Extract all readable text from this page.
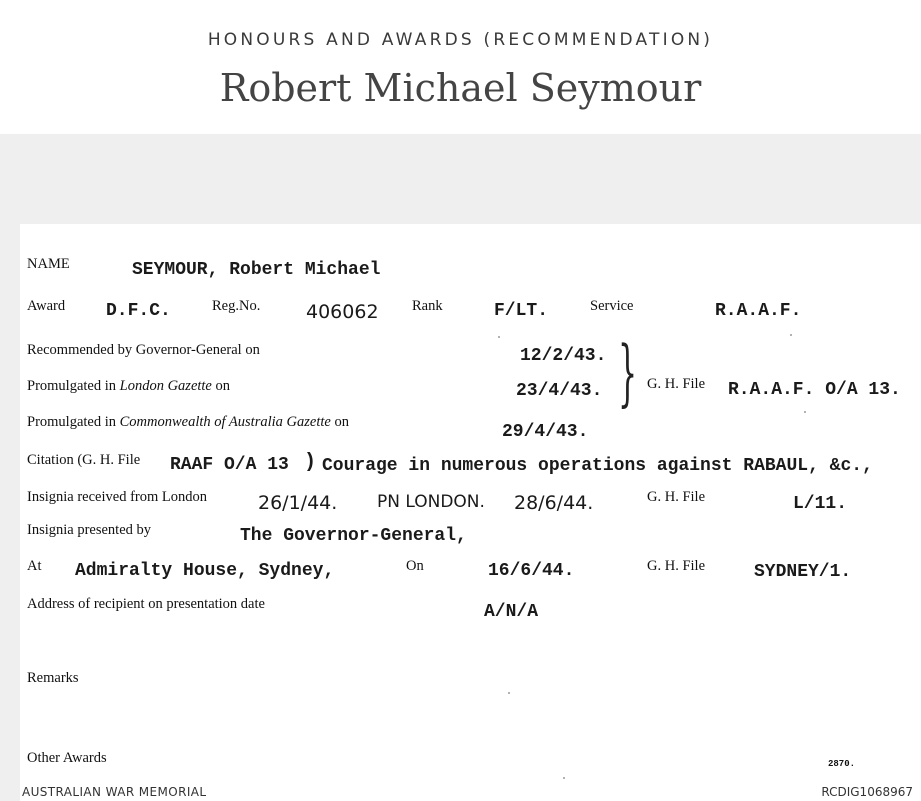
HONOURS AND AWARDS (RECOMMENDATION)
Robert Michael Seymour
NAME	SEYMOUR, Robert Michael
Award D.F.C.	Reg.No. 406062 Rank	F/LT.	Service	R.A.A.F.
Recommended by Governor-General on	12/2/43.
Promulgated in London Gazette on	23/4/43.
Promulgated in Commonwealth of Australia Gazette on	29/4/43.
} G. H. File R.A.A.F. O/A 13.
Citation (G. H. File RAAF O/A 13 ) Courage in numerous operations against RABAUL, &c.,
Insignia received from London	26/1/44. PN LONDON. 28/6/44.	G. H. File	L/11.
Insignia presented by	The Governor-General,
At Admiralty House, Sydney,	On	16/6/44.	G. H. File	SYDNEY/1.
Address of recipient on presentation date	A/N/A
Remarks
Other Awards	2870.
AUSTRALIAN WAR MEMORIAL	RCDIG1068967
